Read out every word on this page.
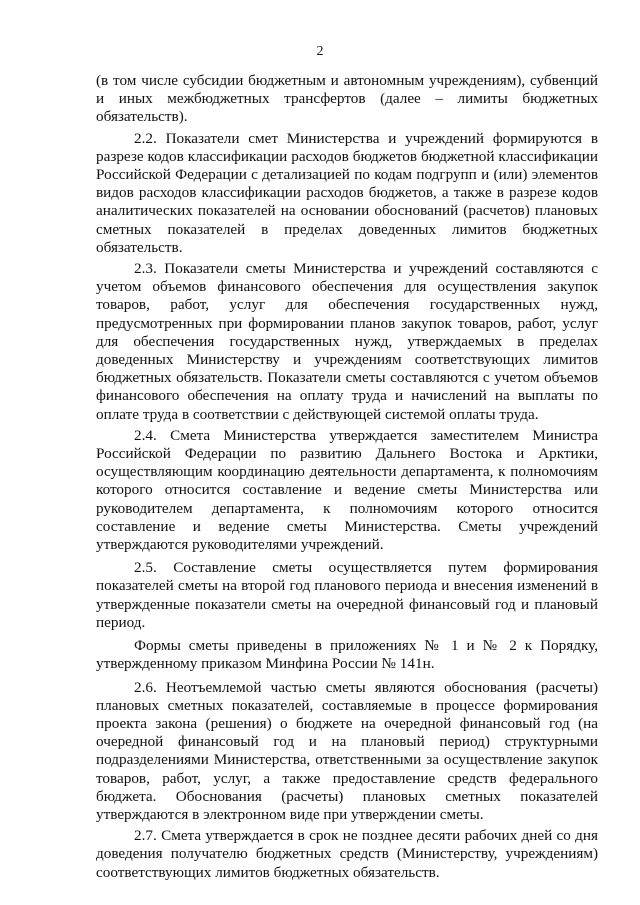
2

(в том числе субсидии бюджетным и автономным учреждениям), субвенций и иных межбюджетных трансфертов (далее – лимиты бюджетных обязательств).

2.2. Показатели смет Министерства и учреждений формируются в разрезе кодов классификации расходов бюджетов бюджетной классификации Российской Федерации с детализацией по кодам подгрупп и (или) элементов видов расходов классификации расходов бюджетов, а также в разрезе кодов аналитических показателей на основании обоснований (расчетов) плановых сметных показателей в пределах доведенных лимитов бюджетных обязательств.

2.3. Показатели сметы Министерства и учреждений составляются с учетом объемов финансового обеспечения для осуществления закупок товаров, работ, услуг для обеспечения государственных нужд, предусмотренных при формировании планов закупок товаров, работ, услуг для обеспечения государственных нужд, утверждаемых в пределах доведенных Министерству и учреждениям соответствующих лимитов бюджетных обязательств. Показатели сметы составляются с учетом объемов финансового обеспечения на оплату труда и начислений на выплаты по оплате труда в соответствии с действующей системой оплаты труда.

2.4. Смета Министерства утверждается заместителем Министра Российской Федерации по развитию Дальнего Востока и Арктики, осуществляющим координацию деятельности департамента, к полномочиям которого относится составление и ведение сметы Министерства или руководителем департамента, к полномочиям которого относится составление и ведение сметы Министерства. Сметы учреждений утверждаются руководителями учреждений.

2.5. Составление сметы осуществляется путем формирования показателей сметы на второй год планового периода и внесения изменений в утвержденные показатели сметы на очередной финансовый год и плановый период.

Формы сметы приведены в приложениях № 1 и № 2 к Порядку, утвержденному приказом Минфина России № 141н.

2.6. Неотъемлемой частью сметы являются обоснования (расчеты) плановых сметных показателей, составляемые в процессе формирования проекта закона (решения) о бюджете на очередной финансовый год (на очередной финансовый год и на плановый период) структурными подразделениями Министерства, ответственными за осуществление закупок товаров, работ, услуг, а также предоставление средств федерального бюджета. Обоснования (расчеты) плановых сметных показателей утверждаются в электронном виде при утверждении сметы.

2.7. Смета утверждается в срок не позднее десяти рабочих дней со дня доведения получателю бюджетных средств (Министерству, учреждениям) соответствующих лимитов бюджетных обязательств.
